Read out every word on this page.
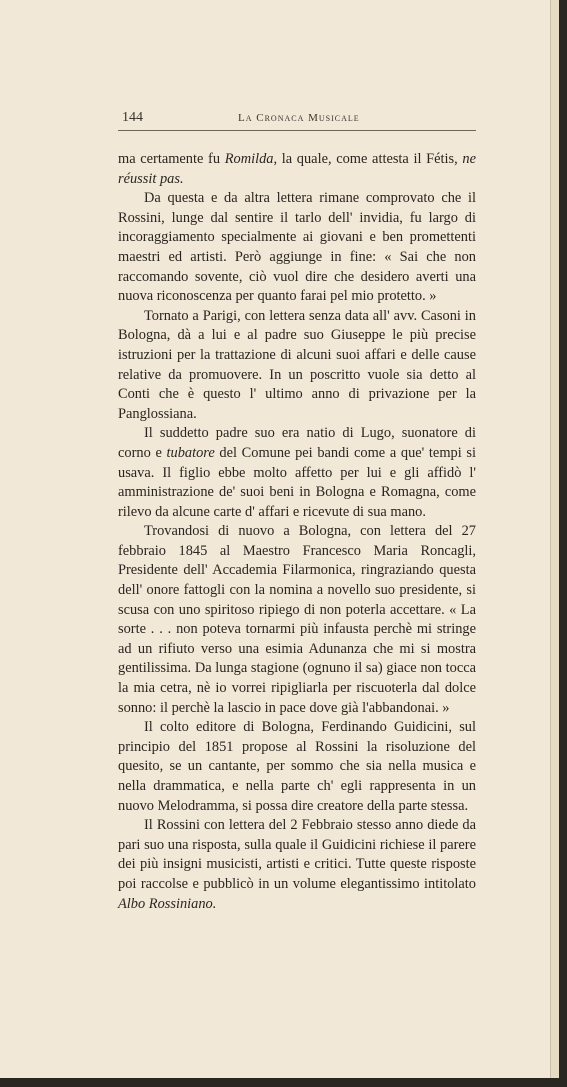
144	La Cronaca Musicale

ma certamente fu Romilda, la quale, come attesta il Fétis, ne réussit pas.

Da questa e da altra lettera rimane comprovato che il Rossini, lunge dal sentire il tarlo dell' invidia, fu largo di incoraggiamento specialmente ai giovani e ben promettenti maestri ed artisti. Però aggiunge in fine: « Sai che non raccomando sovente, ciò vuol dire che desidero averti una nuova riconoscenza per quanto farai pel mio protetto. »

Tornato a Parigi, con lettera senza data all' avv. Casoni in Bologna, dà a lui e al padre suo Giuseppe le più precise istruzioni per la trattazione di alcuni suoi affari e delle cause relative da promuovere. In un poscritto vuole sia detto al Conti che è questo l' ultimo anno di privazione per la Panglossiana.

Il suddetto padre suo era natio di Lugo, suonatore di corno e tubatore del Comune pei bandi come a que' tempi si usava. Il figlio ebbe molto affetto per lui e gli affidò l' amministrazione de' suoi beni in Bologna e Romagna, come rilevo da alcune carte d' affari e ricevute di sua mano.

Trovandosi di nuovo a Bologna, con lettera del 27 febbraio 1845 al Maestro Francesco Maria Roncagli, Presidente dell' Accademia Filarmonica, ringraziando questa dell' onore fattogli con la nomina a novello suo presidente, si scusa con uno spiritoso ripiego di non poterla accettare. « La sorte . . . non poteva tornarmi più infausta perchè mi stringe ad un rifiuto verso una esimia Adunanza che mi si mostra gentilissima. Da lunga stagione (ognuno il sa) giace non tocca la mia cetra, nè io vorrei ripigliarla per riscuoterla dal dolce sonno: il perchè la lascio in pace dove già l'abbandonai. »

Il colto editore di Bologna, Ferdinando Guidicini, sul principio del 1851 propose al Rossini la risoluzione del quesito, se un cantante, per sommo che sia nella musica e nella drammatica, e nella parte ch' egli rappresenta in un nuovo Melodramma, si possa dire creatore della parte stessa.

Il Rossini con lettera del 2 Febbraio stesso anno diede da pari suo una risposta, sulla quale il Guidicini richiese il parere dei più insigni musicisti, artisti e critici. Tutte queste risposte poi raccolse e pubblicò in un volume elegantissimo intitolato Albo Rossiniano.
